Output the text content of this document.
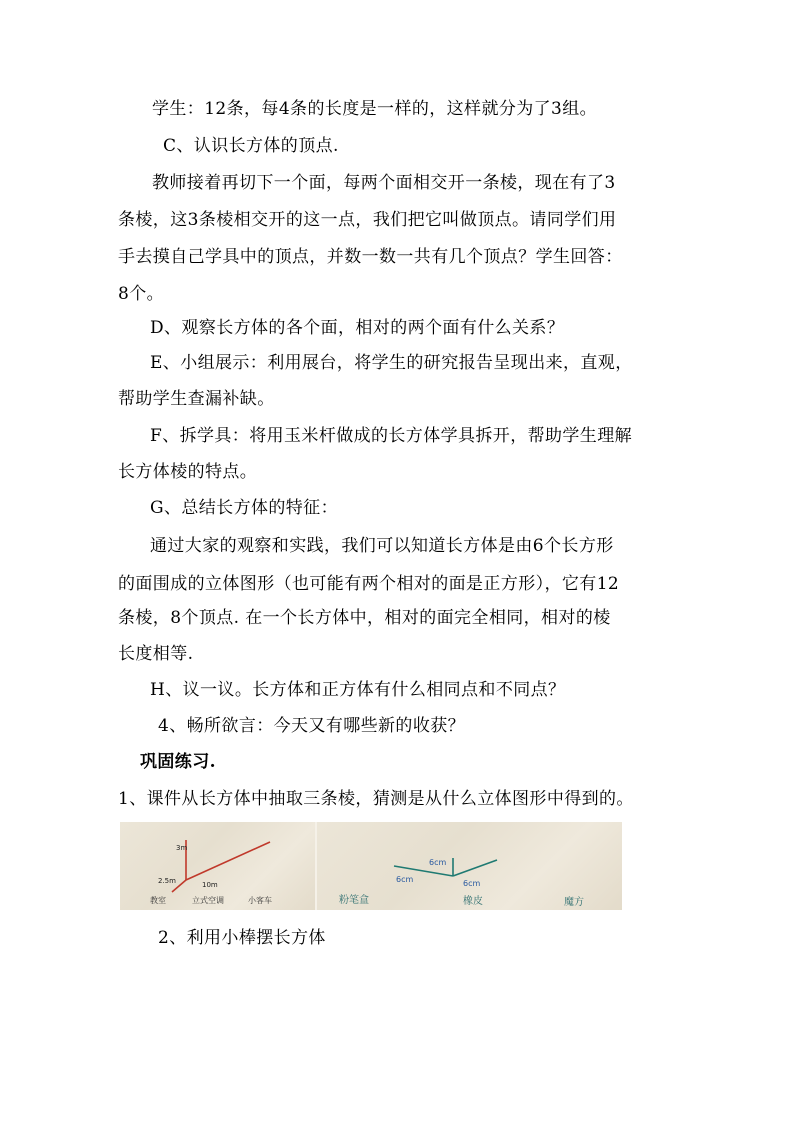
学生：12条，每4条的长度是一样的，这样就分为了3组。
C、认识长方体的顶点.
教师接着再切下一个面，每两个面相交开一条棱，现在有了3
条棱，这3条棱相交开的这一点，我们把它叫做顶点。请同学们用
手去摸自己学具中的顶点，并数一数一共有几个顶点？学生回答：
8个。
D、观察长方体的各个面，相对的两个面有什么关系？
E、小组展示：利用展台，将学生的研究报告呈现出来，直观，
帮助学生查漏补缺。
F、拆学具：将用玉米杆做成的长方体学具拆开，帮助学生理解
长方体棱的特点。
G、总结长方体的特征：
通过大家的观察和实践，我们可以知道长方体是由6个长方形
的面围成的立体图形（也可能有两个相对的面是正方形），它有12
条棱，8个顶点. 在一个长方体中，相对的面完全相同，相对的棱
长度相等.
H、议一议。长方体和正方体有什么相同点和不同点？
4、畅所欲言：今天又有哪些新的收获？
巩固练习.
1、课件从长方体中抽取三条棱，猜测是从什么立体图形中得到的。
3m
2.5m	10m
教室	立式空调	小客车
6cm
6cm	6cm
粉笔盒	橡皮	魔方
2、利用小棒摆长方体
